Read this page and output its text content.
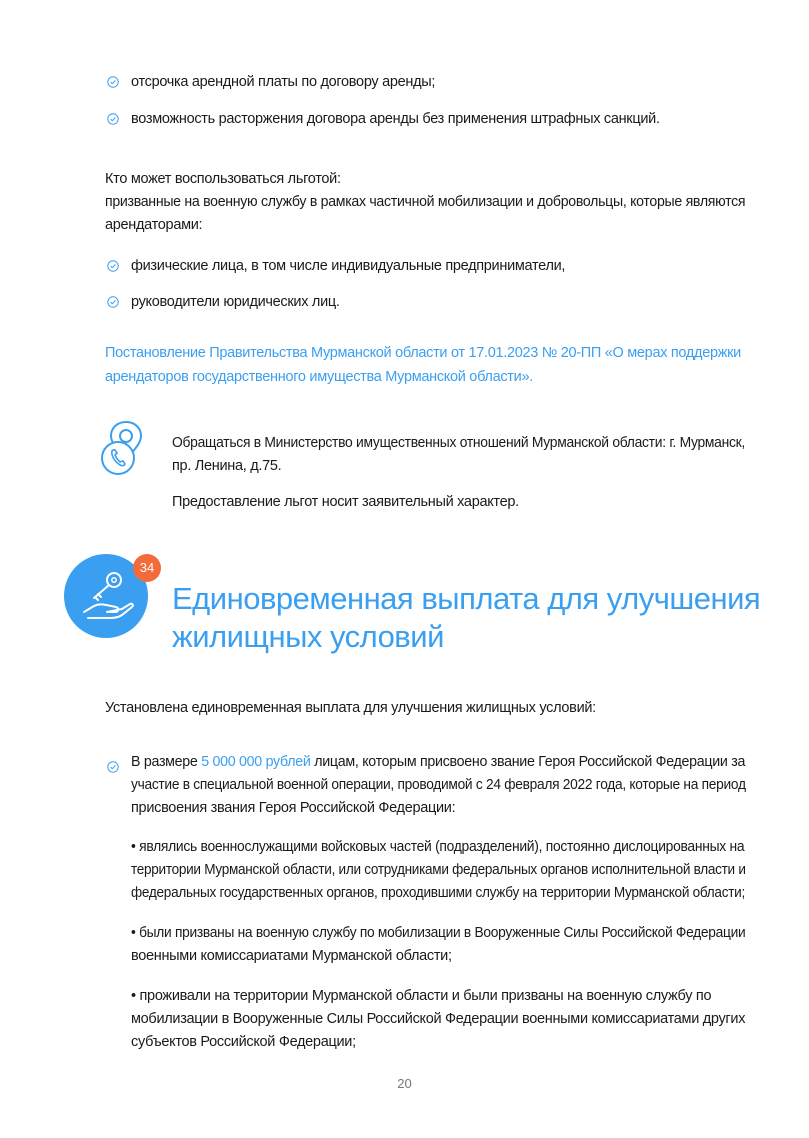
отсрочка арендной платы по договору аренды;
возможность расторжения договора аренды без применения штрафных санкций.
Кто может воспользоваться льготой:
призванные на военную службу в рамках частичной мобилизации и добровольцы, которые являются
арендаторами:
физические лица, в том числе индивидуальные предприниматели,
руководители юридических лиц.
Постановление Правительства Мурманской области от 17.01.2023 № 20-ПП «О мерах поддержки
арендаторов государственного имущества Мурманской области».
Обращаться в Министерство имущественных отношений Мурманской области: г. Мурманск,
пр. Ленина, д.75.
Предоставление льгот носит заявительный характер.
34
Единовременная выплата для улучшения
жилищных условий
Установлена единовременная выплата для улучшения жилищных условий:
В размере 5 000 000 рублей лицам, которым присвоено звание Героя Российской Федерации за
участие в специальной военной операции, проводимой с 24 февраля 2022 года, которые на период
присвоения звания Героя Российской Федерации:
• являлись военнослужащими войсковых частей (подразделений), постоянно дислоцированных на
территории Мурманской области, или сотрудниками федеральных органов исполнительной власти и
федеральных государственных органов, проходившими службу на территории Мурманской области;
• были призваны на военную службу по мобилизации в Вооруженные Силы Российской Федерации
военными комиссариатами Мурманской области;
• проживали на территории Мурманской области и были призваны на военную службу по
мобилизации в Вооруженные Силы Российской Федерации военными комиссариатами других
субъектов Российской Федерации;
20
